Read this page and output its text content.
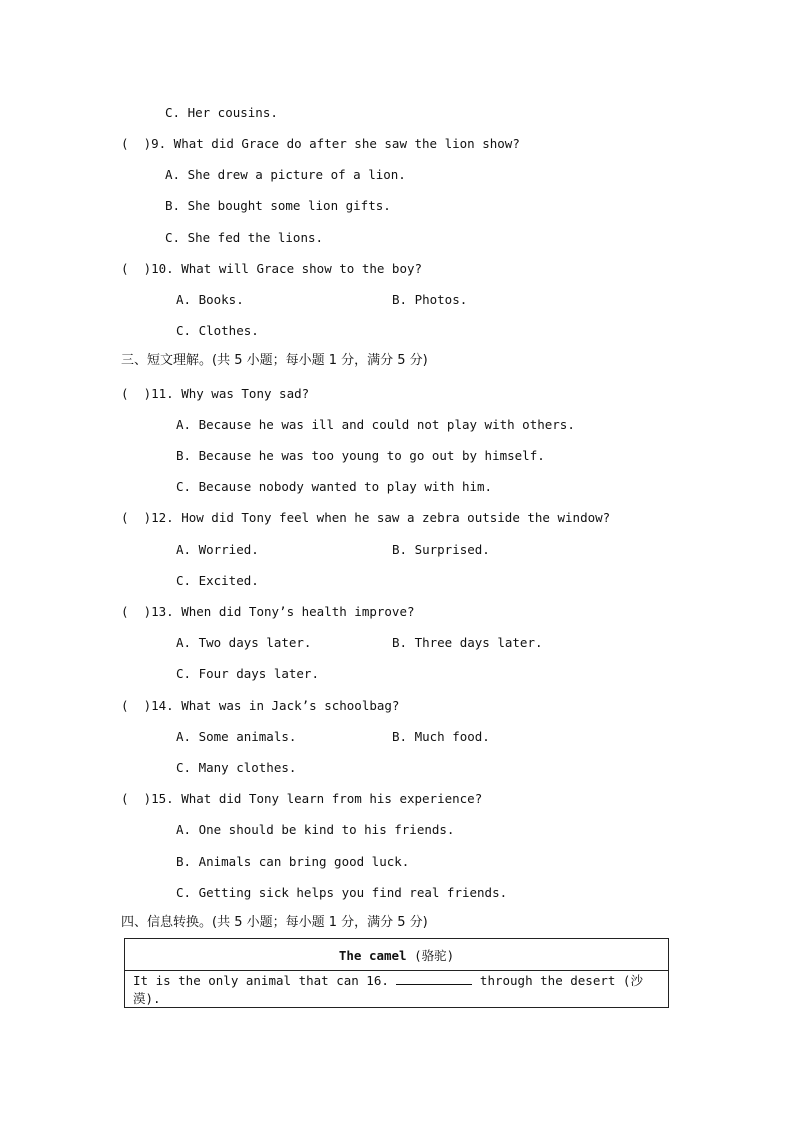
C. Her cousins.
(  )9. What did Grace do after she saw the lion show?
A. She drew a picture of a lion.
B. She bought some lion gifts.
C. She fed the lions.
(  )10. What will Grace show to the boy?
A. Books.	B. Photos.
C. Clothes.
三、短文理解。(共 5 小题；每小题 1 分，满分 5 分)
(  )11. Why was Tony sad?
A. Because he was ill and could not play with others.
B. Because he was too young to go out by himself.
C. Because nobody wanted to play with him.
(  )12. How did Tony feel when he saw a zebra outside the window?
A. Worried.	B. Surprised.
C. Excited.
(  )13. When did Tony’s health improve?
A. Two days later.	B. Three days later.
C. Four days later.
(  )14. What was in Jack’s schoolbag?
A. Some animals.	B. Much food.
C. Many clothes.
(  )15. What did Tony learn from his experience?
A. One should be kind to his friends.
B. Animals can bring good luck.
C. Getting sick helps you find real friends.
四、信息转换。(共 5 小题；每小题 1 分，满分 5 分)
The camel (骆驼)
It is the only animal that can 16.	through the desert (沙漠).
